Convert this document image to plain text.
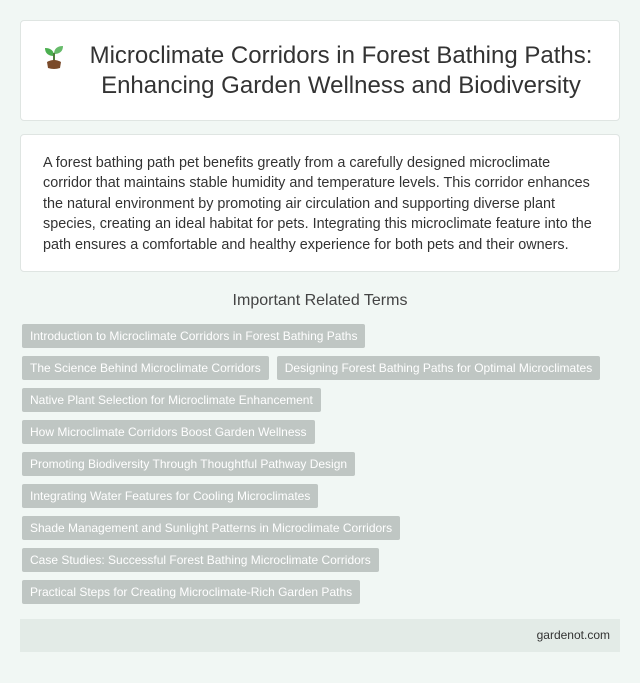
Microclimate Corridors in Forest Bathing Paths: Enhancing Garden Wellness and Biodiversity

A forest bathing path pet benefits greatly from a carefully designed microclimate corridor that maintains stable humidity and temperature levels. This corridor enhances the natural environment by promoting air circulation and supporting diverse plant species, creating an ideal habitat for pets. Integrating this microclimate feature into the path ensures a comfortable and healthy experience for both pets and their owners.

Important Related Terms
Introduction to Microclimate Corridors in Forest Bathing Paths
The Science Behind Microclimate Corridors	Designing Forest Bathing Paths for Optimal Microclimates
Native Plant Selection for Microclimate Enhancement
How Microclimate Corridors Boost Garden Wellness
Promoting Biodiversity Through Thoughtful Pathway Design
Integrating Water Features for Cooling Microclimates
Shade Management and Sunlight Patterns in Microclimate Corridors
Case Studies: Successful Forest Bathing Microclimate Corridors
Practical Steps for Creating Microclimate-Rich Garden Paths
gardenot.com
